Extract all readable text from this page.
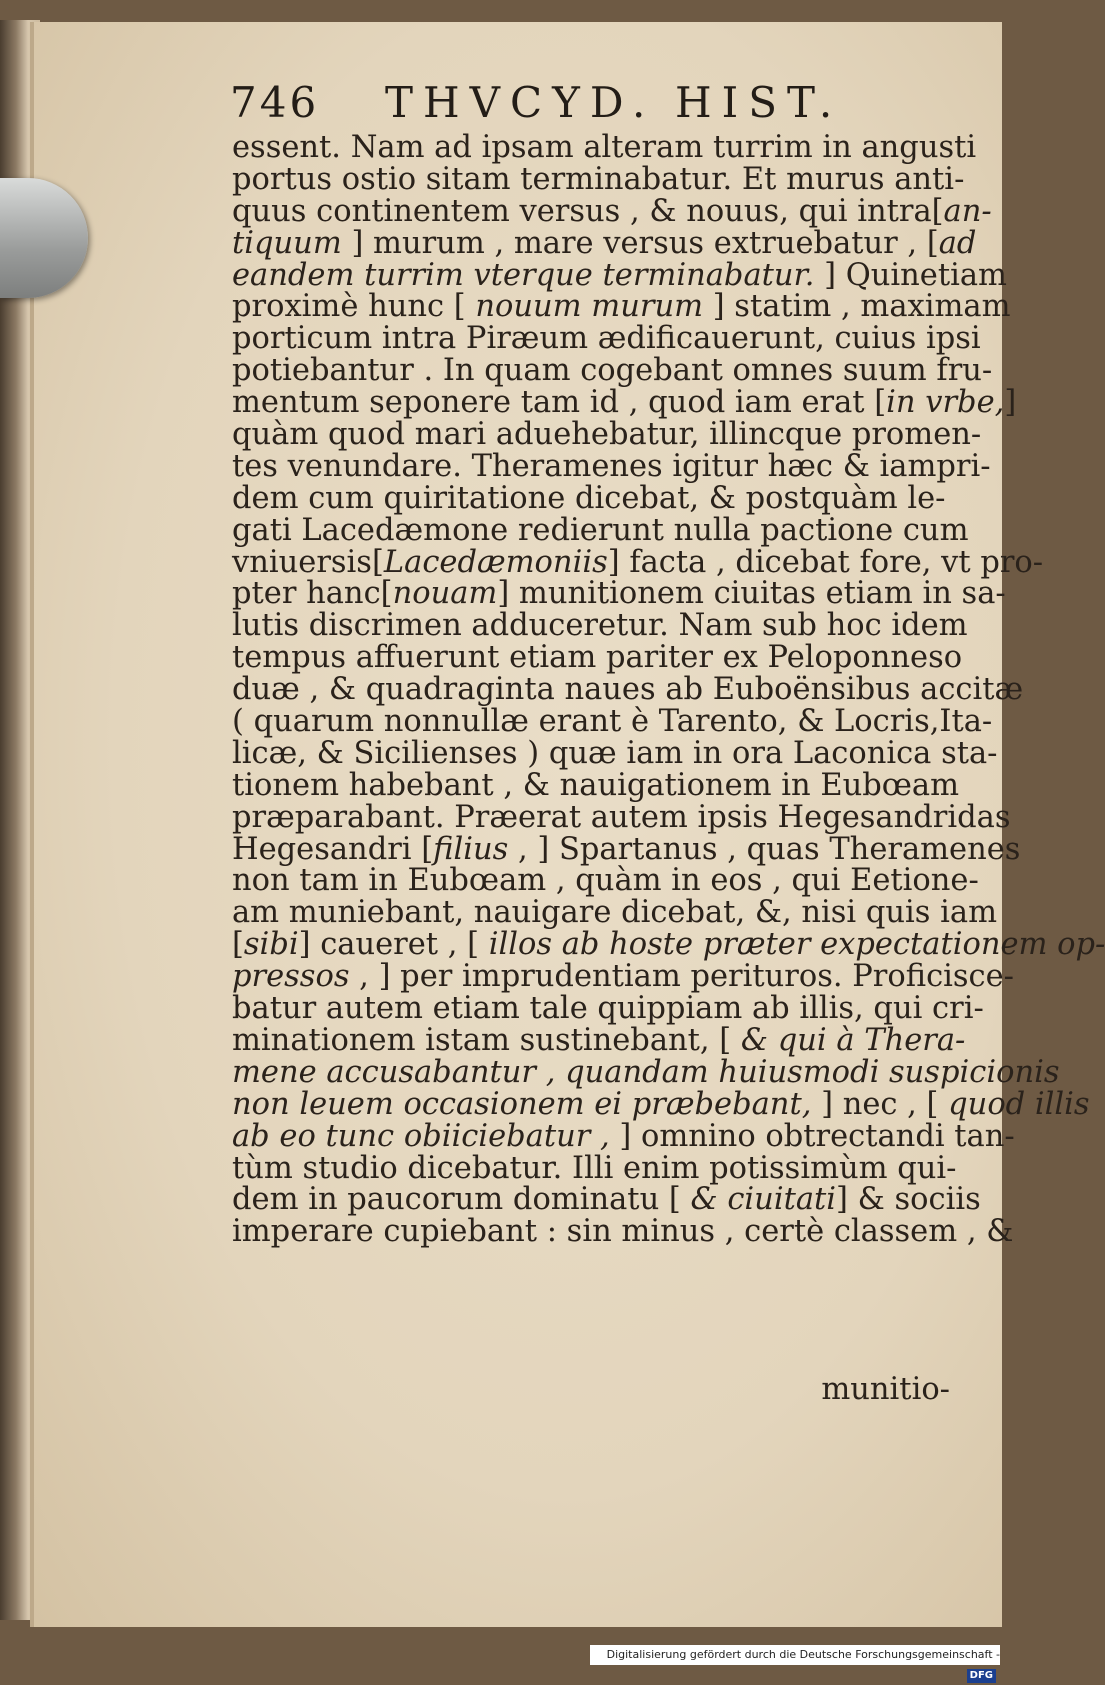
746 THVCYD. HIST.
essent. Nam ad ipsam alteram turrim in angusti
portus ostio sitam terminabatur. Et murus anti-
quus continentem versus , & nouus, qui intra[an-
tiquum ] murum , mare versus extruebatur , [ad
eandem turrim vterque terminabatur. ] Quinetiam
proximè hunc [ nouum murum ] statim , maximam
porticum intra Piræum ædificauerunt, cuius ipsi
potiebantur . In quam cogebant omnes suum fru-
mentum seponere tam id , quod iam erat [in vrbe,]
quàm quod mari aduehebatur, illincque promen-
tes venundare. Theramenes igitur hæc & iampri-
dem cum quiritatione dicebat, & postquàm le-
gati Lacedæmone redierunt nulla pactione cum
vniuersis[Lacedæmoniis] facta , dicebat fore, vt pro-
pter hanc[nouam] munitionem ciuitas etiam in sa-
lutis discrimen adduceretur. Nam sub hoc idem
tempus affuerunt etiam pariter ex Peloponneso
duæ , & quadraginta naues ab Euboënsibus accitæ
( quarum nonnullæ erant è Tarento, & Locris,Ita-
licæ, & Sicilienses ) quæ iam in ora Laconica sta-
tionem habebant , & nauigationem in Eubœam
præparabant. Præerat autem ipsis Hegesandridas
Hegesandri [filius , ] Spartanus , quas Theramenes
non tam in Eubœam , quàm in eos , qui Eetione-
am muniebant, nauigare dicebat, &, nisi quis iam
[sibi] caueret , [ illos ab hoste præter expectationem op-
pressos , ] per imprudentiam perituros. Proficisce-
batur autem etiam tale quippiam ab illis, qui cri-
minationem istam sustinebant, [ & qui à Thera-
mene accusabantur , quandam huiusmodi suspicionis
non leuem occasionem ei præbebant, ] nec , [ quod illis
ab eo tunc obiiciebatur , ] omnino obtrectandi tan-
tùm studio dicebatur. Illi enim potissimùm qui-
dem in paucorum dominatu [ & ciuitati] & sociis
imperare cupiebant : sin minus , certè classem , &
munitio-
Digitalisierung gefördert durch die Deutsche Forschungsgemeinschaft -DFG
